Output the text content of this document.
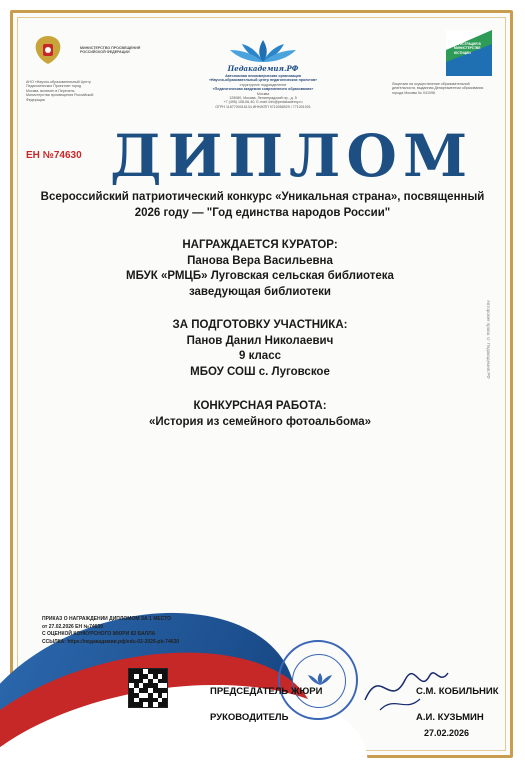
МИНИСТЕРСТВО ПРОСВЕЩЕНИЯ РОССИЙСКОЙ ФЕДЕРАЦИИ
АНО «Научно-образовательный Центр Педагогических Проектов» город Москва, включен в Перечень Министерства просвещения Российской Федерации
Педакадемия.РФ
Автономная некоммерческая организация
«Научно-образовательный центр педагогических проектов»
структурное подразделение
«Педагогическая академия современного образования»
Москва
125080, Москва, Ленинградский пр., д. 5
+7 (495) 108-06-40, E-mail: info@pedakademy.ru
ОГРН 1187700016134 ИНН/КПП 9710058929 / 771001001
РЕГИСТРАЦИЯ В МИНИСТЕРСТВЕ ЮСТИЦИИ
Лицензия на осуществление образовательной деятельности, выданная Департаментом образования города Москвы № 041098
ЕН №74630 ДИПЛОМ
Всероссийский патриотический конкурс «Уникальная страна», посвященный
2026 году — "Год единства народов России"
НАГРАЖДАЕТСЯ КУРАТОР:
Панова Вера Васильевна
МБУК «РМЦБ» Луговская сельская библиотека
заведующая библиотеки
ЗА ПОДГОТОВКУ УЧАСТНИКА:
Панов Данил Николаевич
9 класс
МБОУ СОШ с. Луговское
КОНКУРСНАЯ РАБОТА:
«История из семейного фотоальбома»
Авторские права © Педакадемия.РФ
ПРИКАЗ О НАГРАЖДЕНИИ ДИПЛОМОМ ЗА 1 МЕСТО
от 27.02.2026 ЕН №74630
С ОЦЕНКОЙ КОНКУРСНОГО ЖЮРИ 82 БАЛЛА
ССЫЛКА: https://педакадемия.рф/edu-02-2026-pb-74630
ПРЕДСЕДАТЕЛЬ ЖЮРИ	С.М. КОБИЛЬНИК
РУКОВОДИТЕЛЬ	А.И. КУЗЬМИН
27.02.2026
